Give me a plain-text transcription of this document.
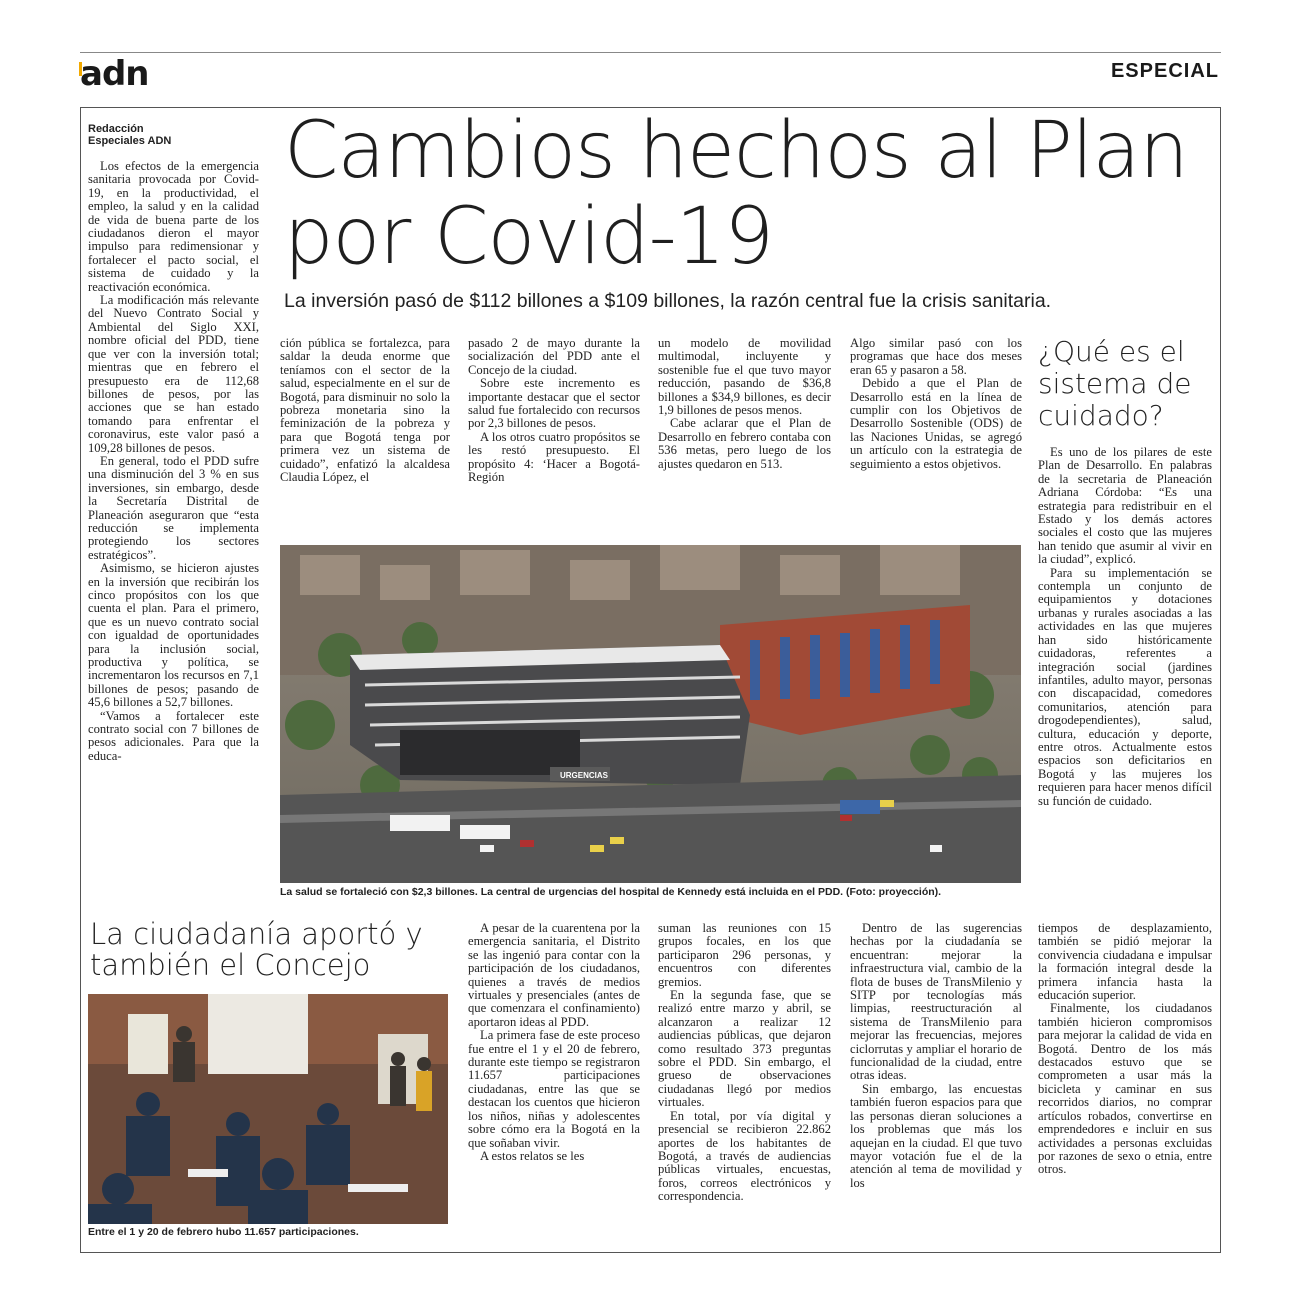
adn	ESPECIAL
Redacción
Especiales ADN	Cambios hechos al Plan por Covid-19
La inversión pasó de $112 billones a $109 billones, la razón central fue la crisis sanitaria.

Los efectos de la emergencia sanitaria provocada por Covid-19, en la productividad, el empleo, la salud y en la calidad de vida de buena parte de los ciudadanos dieron el mayor impulso para redimensionar y fortalecer el pacto social, el sistema de cuidado y la reactivación económica.

La modificación más relevante del Nuevo Contrato Social y Ambiental del Siglo XXI, nombre oficial del PDD, tiene que ver con la inversión total; mientras que en febrero el presupuesto era de 112,68 billones de pesos, por las acciones que se han estado tomando para enfrentar el coronavirus, este valor pasó a 109,28 billones de pesos.

En general, todo el PDD sufre una disminución del 3 % en sus inversiones, sin embargo, desde la Secretaría Distrital de Planeación aseguraron que “esta reducción se implementa protegiendo los sectores estratégicos”.

Asimismo, se hicieron ajustes en la inversión que recibirán los cinco propósitos con los que cuenta el plan. Para el primero, que es un nuevo contrato social con igualdad de oportunidades para la inclusión social, productiva y política, se incrementaron los recursos en 7,1 billones de pesos; pasando de 45,6 billones a 52,7 billones.

“Vamos a fortalecer este contrato social con 7 billones de pesos adicionales. Para que la educa-

ción pública se fortalezca, para saldar la deuda enorme que teníamos con el sector de la salud, especialmente en el sur de Bogotá, para disminuir no solo la pobreza monetaria sino la feminización de la pobreza y para que Bogotá tenga por primera vez un sistema de cuidado”, enfatizó la alcaldesa Claudia López, el

pasado 2 de mayo durante la socialización del PDD ante el Concejo de la ciudad.

Sobre este incremento es importante destacar que el sector salud fue fortalecido con recursos por 2,3 billones de pesos.

A los otros cuatro propósitos se les restó presupuesto. El propósito 4: ‘Hacer a Bogotá-Región

un modelo de movilidad multimodal, incluyente y sostenible fue el que tuvo mayor reducción, pasando de $36,8 billones a $34,9 billones, es decir 1,9 billones de pesos menos.

Cabe aclarar que el Plan de Desarrollo en febrero contaba con 536 metas, pero luego de los ajustes quedaron en 513.

Algo similar pasó con los programas que hace dos meses eran 65 y pasaron a 58.

Debido a que el Plan de Desarrollo está en la línea de cumplir con los Objetivos de Desarrollo Sostenible (ODS) de las Naciones Unidas, se agregó un artículo con la estrategia de seguimiento a estos objetivos.

¿Qué es el sistema de cuidado?

Es uno de los pilares de este Plan de Desarrollo. En palabras de la secretaria de Planeación Adriana Córdoba: “Es una estrategia para redistribuir en el Estado y los demás actores sociales el costo que las mujeres han tenido que asumir al vivir en la ciudad”, explicó.

Para su implementación se contempla un conjunto de equipamientos y dotaciones urbanas y rurales asociadas a las actividades en las que mujeres han sido históricamente cuidadoras, referentes a integración social (jardines infantiles, adulto mayor, personas con discapacidad, comedores comunitarios, atención para drogodependientes), salud, cultura, educación y deporte, entre otros. Actualmente estos espacios son deficitarios en Bogotá y las mujeres los requieren para hacer menos difícil su función de cuidado.

URGENCIAS
La salud se fortaleció con $2,3 billones. La central de urgencias del hospital de Kennedy está incluida en el PDD. (Foto: proyección).
La ciudadanía aportó y también el Concejo
Entre el 1 y 20 de febrero hubo 11.657 participaciones.

A pesar de la cuarentena por la emergencia sanitaria, el Distrito se las ingenió para contar con la participación de los ciudadanos, quienes a través de medios virtuales y presenciales (antes de que comenzara el confinamiento) aportaron ideas al PDD.

La primera fase de este proceso fue entre el 1 y el 20 de febrero, durante este tiempo se registraron 11.657 participaciones ciudadanas, entre las que se destacan los cuentos que hicieron los niños, niñas y adolescentes sobre cómo era la Bogotá en la que soñaban vivir.

A estos relatos se les

suman las reuniones con 15 grupos focales, en los que participaron 296 personas, y encuentros con diferentes gremios.

En la segunda fase, que se realizó entre marzo y abril, se alcanzaron a realizar 12 audiencias públicas, que dejaron como resultado 373 preguntas sobre el PDD. Sin embargo, el grueso de observaciones ciudadanas llegó por medios virtuales.

En total, por vía digital y presencial se recibieron 22.862 aportes de los habitantes de Bogotá, a través de audiencias públicas virtuales, encuestas, foros, correos electrónicos y correspondencia.

Dentro de las sugerencias hechas por la ciudadanía se encuentran: mejorar la infraestructura vial, cambio de la flota de buses de TransMilenio y SITP por tecnologías más limpias, reestructuración al sistema de TransMilenio para mejorar las frecuencias, mejores ciclorrutas y ampliar el horario de funcionalidad de la ciudad, entre otras ideas.

Sin embargo, las encuestas también fueron espacios para que las personas dieran soluciones a los problemas que más los aquejan en la ciudad. El que tuvo mayor votación fue el de la atención al tema de movilidad y los

tiempos de desplazamiento, también se pidió mejorar la convivencia ciudadana e impulsar la formación integral desde la primera infancia hasta la educación superior.

Finalmente, los ciudadanos también hicieron compromisos para mejorar la calidad de vida en Bogotá. Dentro de los más destacados estuvo que se comprometen a usar más la bicicleta y caminar en sus recorridos diarios, no comprar artículos robados, convertirse en emprendedores e incluir en sus actividades a personas excluidas por razones de sexo o etnia, entre otros.
